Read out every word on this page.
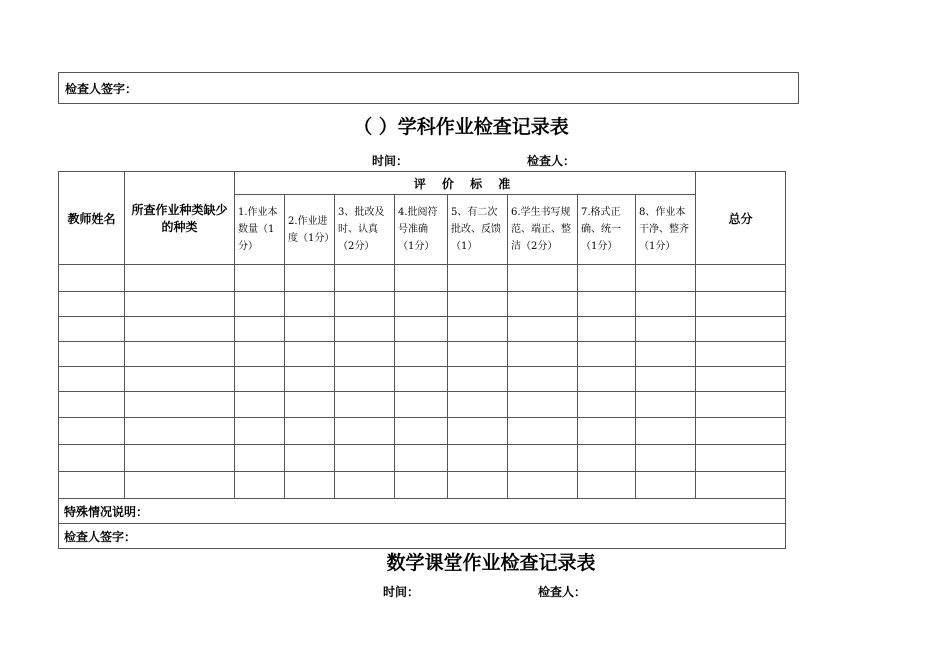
检查人签字：
（ ）学科作业检查记录表
时间：	检查人：
教师姓名	所查作业种类缺少的种类	评 价 标 准								总分
		1.作业本数量（1分）	2.作业进度（1分）	3、批改及时、认真（2分）	4.批阅符号准确（1分）	5、有二次批改、反馈（1）	6.学生书写规范、端正、整洁（2分）	7.格式正确、统一（1分）	8、作业本干净、整齐（1分）	

特殊情况说明：										
检查人签字：										
数学课堂作业检查记录表
时间：	检查人：
